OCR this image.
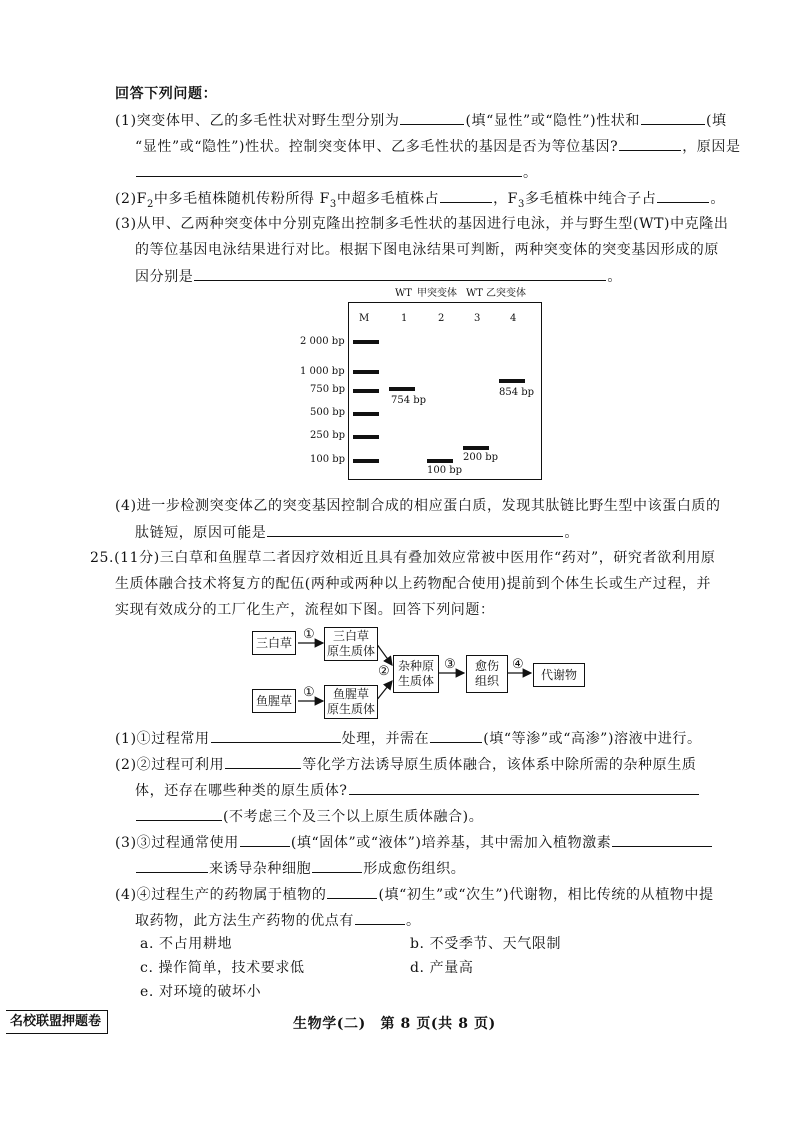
回答下列问题：
(1)突变体甲、乙的多毛性状对野生型分别为	(填“显性”或“隐性”)性状和	(填
“显性”或“隐性”)性状。控制突变体甲、乙多毛性状的基因是否为等位基因?	，原因是
。
$(2)F_2$中多毛植株随机传粉所得 $F_3$中超多毛植株占	，$F_3$多毛植株中纯合子占	。
(3)从甲、乙两种突变体中分别克隆出控制多毛性状的基因进行电泳，并与野生型(WT)中克隆出
的等位基因电泳结果进行对比。根据下图电泳结果可判断，两种突变体的突变基因形成的原
因分别是	。
WT 甲突变体 WT 乙突变体
M	1	2	3	4
754 bp
100 bp
200 bp
854 bp
2 000 bp
1 000 bp
750 bp
500 bp
250 bp
100 bp
(4)进一步检测突变体乙的突变基因控制合成的相应蛋白质，发现其肽链比野生型中该蛋白质的
肽链短，原因可能是	。
25.(11分)三白草和鱼腥草二者因疗效相近且具有叠加效应常被中医用作“药对”，研究者欲利用原
生质体融合技术将复方的配伍(两种或两种以上药物配合使用)提前到个体生长或生产过程，并
实现有效成分的工厂化生产，流程如下图。回答下列问题：
三白草
①	三白草
原生质体
鱼腥草
①	鱼腥草
原生质体
② 杂种原
生质体
③	愈伤
组织
④
代谢物
(1)①过程常用	处理，并需在	(填“等渗”或“高渗”)溶液中进行。
(2)②过程可利用	等化学方法诱导原生质体融合，该体系中除所需的杂种原生质
体，还存在哪些种类的原生质体?
(不考虑三个及三个以上原生质体融合)。
(3)③过程通常使用	(填“固体”或“液体”)培养基，其中需加入植物激素
来诱导杂种细胞	形成愈伤组织。
(4)④过程生产的药物属于植物的	(填“初生”或“次生”)代谢物，相比传统的从植物中提
取药物，此方法生产药物的优点有	。
a. 不占用耕地	b. 不受季节、天气限制
c. 操作简单，技术要求低	d. 产量高
e. 对环境的破坏小
名校联盟押题卷	生物学(二)　第 8 页(共 8 页)
